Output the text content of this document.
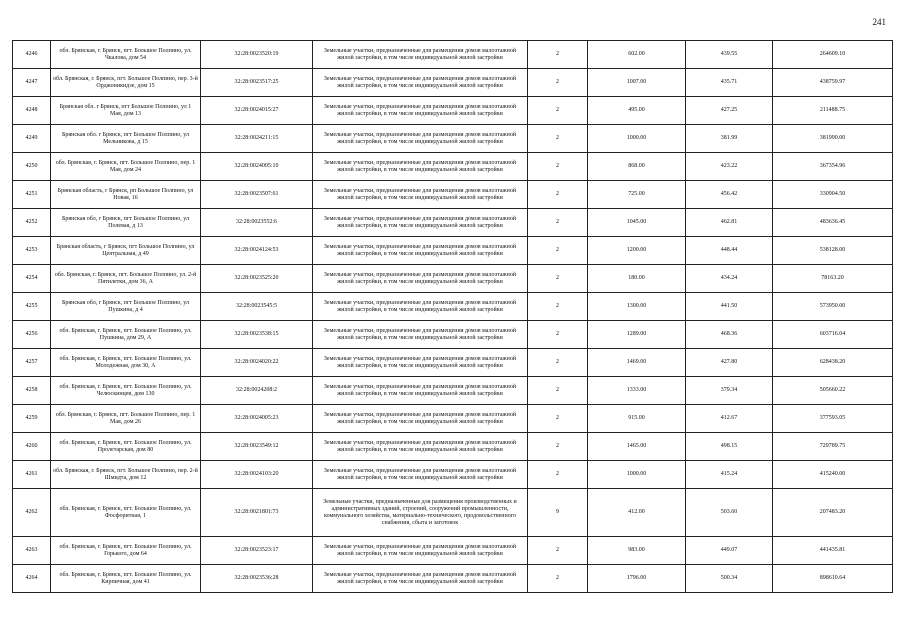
241
4246	обл. Брянская, г. Брянск, пгт. Большое Полпино, ул. Чкалова, дом 54	32:28:0023520:19	Земельные участки, предназначенные для размещения домов малоэтажной жилой застройки, в том числе индивидуальной жилой застройки	2	602.00	439.55	264609.10
4247	обл. Брянская, г. Брянск, пгт. Большое Полпино, пер. 3-й Орджоникидзе, дом 15	32:28:0023517:25	Земельные участки, предназначенные для размещения домов малоэтажной жилой застройки, в том числе индивидуальной жилой застройки	2	1007.00	435.71	438759.97
4248	Брянская обл. г Брянск, пгт Большое Полпино, ул 1 Мая, дом 13	32:28:0024015:27	Земельные участки, предназначенные для размещения домов малоэтажной жилой застройки, в том числе индивидуальной жилой застройки	2	495.00	427.25	211488.75
4249	Брянская обл. г Брянск, пгт Большое Полпино, ул Мельникова, д 15	32:28:0024211:15	Земельные участки, предназначенные для размещения домов малоэтажной жилой застройки, в том числе индивидуальной жилой застройки	2	1000.00	381.99	381990.00
4250	обл. Брянская, г. Брянск, пгт. Большое Полпино, пер. 1 Мая, дом 24	32:28:0024005:10	Земельные участки, предназначенные для размещения домов малоэтажной жилой застройки, в том числе индивидуальной жилой застройки	2	868.00	423.22	367354.96
4251	Брянская область, г Брянск, рп Большое Полпино, ул Новая, 16	32:28:0023507:61	Земельные участки, предназначенные для размещения домов малоэтажной жилой застройки, в том числе индивидуальной жилой застройки	2	725.00	456.42	330904.50
4252	Брянская обл, г Брянск, пгт Большое Полпино, ул Полевая, д 13	32:28:0023552:6	Земельные участки, предназначенные для размещения домов малоэтажной жилой застройки, в том числе индивидуальной жилой застройки	2	1045.00	462.81	483636.45
4253	Брянская область, г Брянск, пгт Большое Полпино, ул Центральная, д 49	32:28:0024124:53	Земельные участки, предназначенные для размещения домов малоэтажной жилой застройки, в том числе индивидуальной жилой застройки	2	1200.00	448.44	538128.00
4254	обл. Брянская, г. Брянск, пгт. Большое Полпино, ул. 2-й Пятилетки, дом 36, А	32:28:0023525:20	Земельные участки, предназначенные для размещения домов малоэтажной жилой застройки, в том числе индивидуальной жилой застройки	2	180.00	434.24	78163.20
4255	Брянская обл, г Брянск, пгт Большое Полпино, ул Пушкина, д 4	32:28:0023545:5	Земельные участки, предназначенные для размещения домов малоэтажной жилой застройки, в том числе индивидуальной жилой застройки	2	1300.00	441.50	573950.00
4256	обл. Брянская, г. Брянск, пгт. Большое Полпино, ул. Пушкина, дом 29, А	32:28:0023538:15	Земельные участки, предназначенные для размещения домов малоэтажной жилой застройки, в том числе индивидуальной жилой застройки	2	1289.00	468.36	603716.04
4257	обл. Брянская, г. Брянск, пгт. Большое Полпино, ул. Молодежная, дом 30, А	32:28:0024020:22	Земельные участки, предназначенные для размещения домов малоэтажной жилой застройки, в том числе индивидуальной жилой застройки	2	1469.00	427.80	628438.20
4258	обл. Брянская, г. Брянск, пгт. Большое Полпино, ул. Челюскинцев, дом 130	32:28:0024208:2	Земельные участки, предназначенные для размещения домов малоэтажной жилой застройки, в том числе индивидуальной жилой застройки	2	1333.00	379.34	505660.22
4259	обл. Брянская, г. Брянск, пгт. Большое Полпино, пер. 1 Мая, дом 26	32:28:0024005:23	Земельные участки, предназначенные для размещения домов малоэтажной жилой застройки, в том числе индивидуальной жилой застройки	2	915.00	412.67	377593.05
4260	обл. Брянская, г. Брянск, пгт. Большое Полпино, ул. Пролетарская, дом 80	32:28:0023549:12	Земельные участки, предназначенные для размещения домов малоэтажной жилой застройки, в том числе индивидуальной жилой застройки	2	1465.00	498.15	729789.75
4261	обл. Брянская, г. Брянск, пгт. Большое Полпино, пер. 2-й Шмидта, дом 12	32:28:0024103:20	Земельные участки, предназначенные для размещения домов малоэтажной жилой застройки, в том числе индивидуальной жилой застройки	2	1000.00	415.24	415240.00
4262	обл. Брянская, г. Брянск, пгт. Большое Полпино, ул. Фосфоритная, 1	32:28:0021801:73	Земельные участки, предназначенные для размещения производственных и административных зданий, строений, сооружений промышленности, коммунального хозяйства, материально-технического, продовольственного снабжения, сбыта и заготовок	9	412.00	503.60	207483.20
4263	обл. Брянская, г. Брянск, пгт. Большое Полпино, ул. Горького, дом 64	32:28:0023523:17	Земельные участки, предназначенные для размещения домов малоэтажной жилой застройки, в том числе индивидуальной жилой застройки	2	983.00	449.07	441435.81
4264	обл. Брянская, г. Брянск, пгт. Большое Полпино, ул. Кирпичная, дом 41	32:28:0023536:28	Земельные участки, предназначенные для размещения домов малоэтажной жилой застройки, в том числе индивидуальной жилой застройки	2	1796.00	500.34	898610.64
